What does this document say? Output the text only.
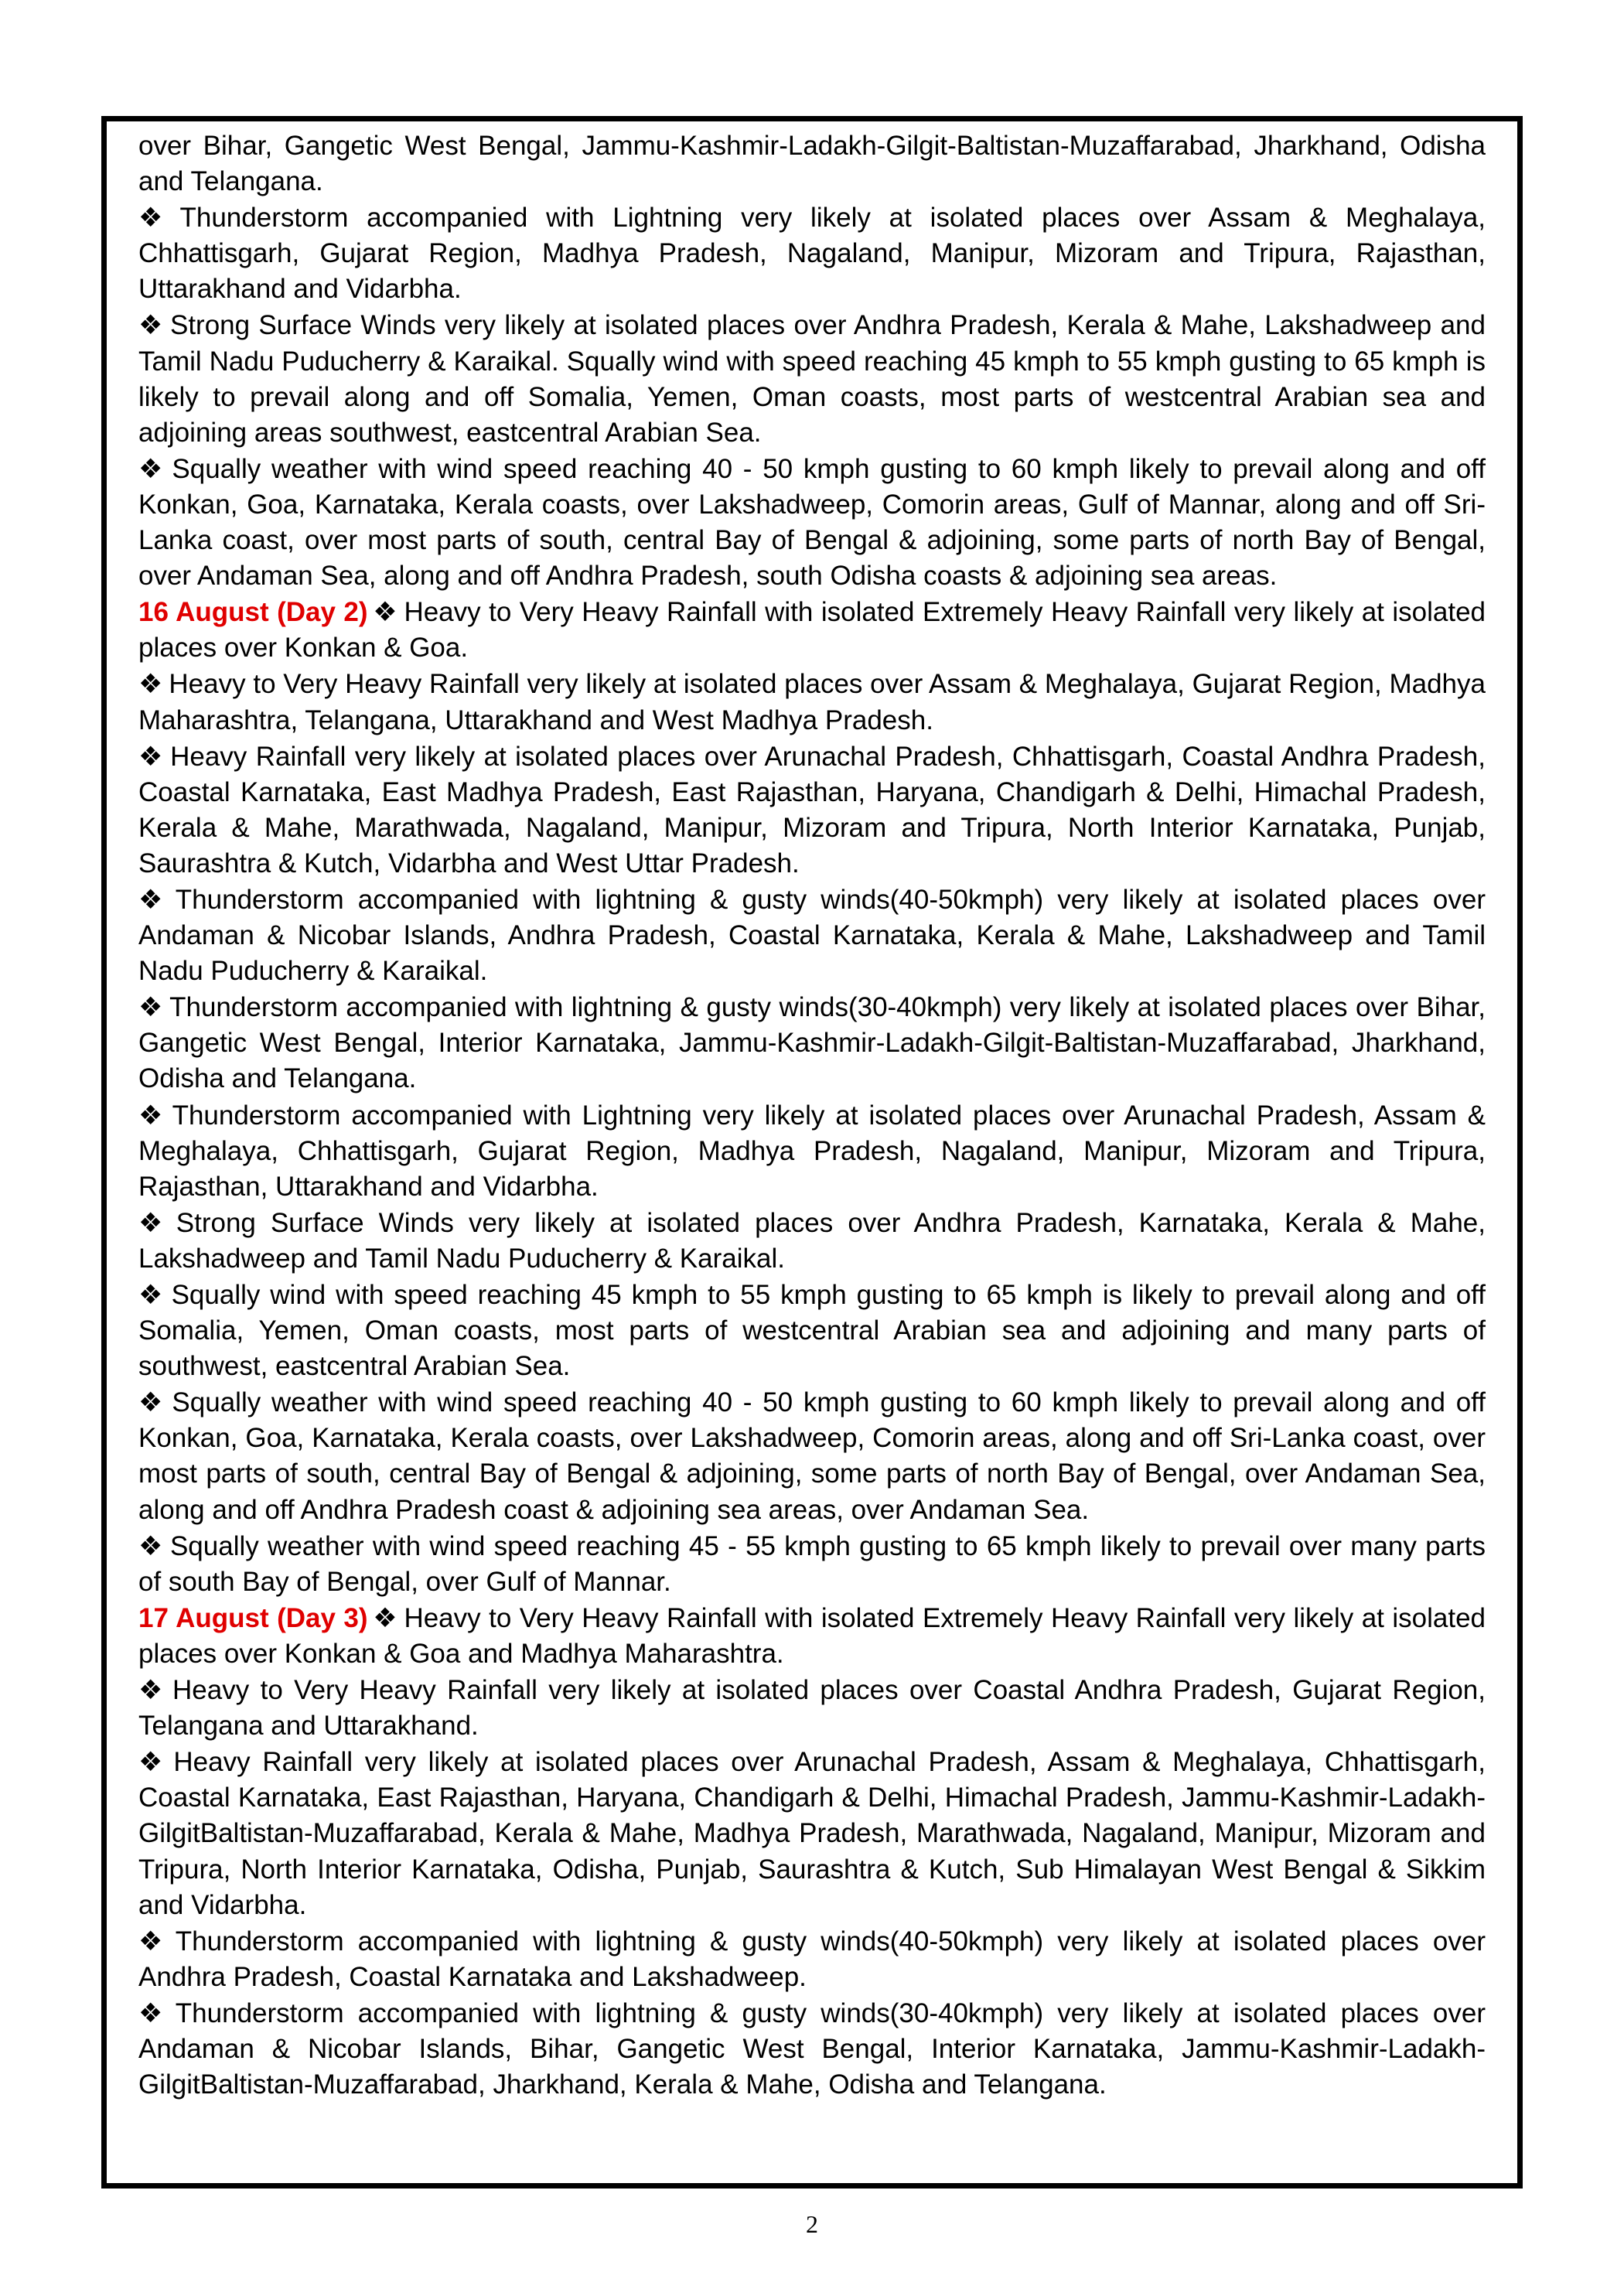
over Bihar, Gangetic West Bengal, Jammu-Kashmir-Ladakh-Gilgit-Baltistan-Muzaffarabad, Jharkhand, Odisha and Telangana.

❖ Thunderstorm accompanied with Lightning very likely at isolated places over Assam & Meghalaya, Chhattisgarh, Gujarat Region, Madhya Pradesh, Nagaland, Manipur, Mizoram and Tripura, Rajasthan, Uttarakhand and Vidarbha.

❖ Strong Surface Winds very likely at isolated places over Andhra Pradesh, Kerala & Mahe, Lakshadweep and Tamil Nadu Puducherry & Karaikal. Squally wind with speed reaching 45 kmph to 55 kmph gusting to 65 kmph is likely to prevail along and off Somalia, Yemen, Oman coasts, most parts of westcentral Arabian sea and adjoining areas southwest, eastcentral Arabian Sea.

❖ Squally weather with wind speed reaching 40 - 50 kmph gusting to 60 kmph likely to prevail along and off Konkan, Goa, Karnataka, Kerala coasts, over Lakshadweep, Comorin areas, Gulf of Mannar, along and off Sri-Lanka coast, over most parts of south, central Bay of Bengal & adjoining, some parts of north Bay of Bengal, over Andaman Sea, along and off Andhra Pradesh, south Odisha coasts & adjoining sea areas.

16 August (Day 2) ❖ Heavy to Very Heavy Rainfall with isolated Extremely Heavy Rainfall very likely at isolated places over Konkan & Goa.

❖ Heavy to Very Heavy Rainfall very likely at isolated places over Assam & Meghalaya, Gujarat Region, Madhya Maharashtra, Telangana, Uttarakhand and West Madhya Pradesh.

❖ Heavy Rainfall very likely at isolated places over Arunachal Pradesh, Chhattisgarh, Coastal Andhra Pradesh, Coastal Karnataka, East Madhya Pradesh, East Rajasthan, Haryana, Chandigarh & Delhi, Himachal Pradesh, Kerala & Mahe, Marathwada, Nagaland, Manipur, Mizoram and Tripura, North Interior Karnataka, Punjab, Saurashtra & Kutch, Vidarbha and West Uttar Pradesh.

❖ Thunderstorm accompanied with lightning & gusty winds(40-50kmph) very likely at isolated places over Andaman & Nicobar Islands, Andhra Pradesh, Coastal Karnataka, Kerala & Mahe, Lakshadweep and Tamil Nadu Puducherry & Karaikal.

❖ Thunderstorm accompanied with lightning & gusty winds(30-40kmph) very likely at isolated places over Bihar, Gangetic West Bengal, Interior Karnataka, Jammu-Kashmir-Ladakh-Gilgit-Baltistan-Muzaffarabad, Jharkhand, Odisha and Telangana.

❖ Thunderstorm accompanied with Lightning very likely at isolated places over Arunachal Pradesh, Assam & Meghalaya, Chhattisgarh, Gujarat Region, Madhya Pradesh, Nagaland, Manipur, Mizoram and Tripura, Rajasthan, Uttarakhand and Vidarbha.

❖ Strong Surface Winds very likely at isolated places over Andhra Pradesh, Karnataka, Kerala & Mahe, Lakshadweep and Tamil Nadu Puducherry & Karaikal.

❖ Squally wind with speed reaching 45 kmph to 55 kmph gusting to 65 kmph is likely to prevail along and off Somalia, Yemen, Oman coasts, most parts of westcentral Arabian sea and adjoining and many parts of southwest, eastcentral Arabian Sea.

❖ Squally weather with wind speed reaching 40 - 50 kmph gusting to 60 kmph likely to prevail along and off Konkan, Goa, Karnataka, Kerala coasts, over Lakshadweep, Comorin areas, along and off Sri-Lanka coast, over most parts of south, central Bay of Bengal & adjoining, some parts of north Bay of Bengal, over Andaman Sea, along and off Andhra Pradesh coast & adjoining sea areas, over Andaman Sea.

❖ Squally weather with wind speed reaching 45 - 55 kmph gusting to 65 kmph likely to prevail over many parts of south Bay of Bengal, over Gulf of Mannar.

17 August (Day 3) ❖ Heavy to Very Heavy Rainfall with isolated Extremely Heavy Rainfall very likely at isolated places over Konkan & Goa and Madhya Maharashtra.

❖ Heavy to Very Heavy Rainfall very likely at isolated places over Coastal Andhra Pradesh, Gujarat Region, Telangana and Uttarakhand.

❖ Heavy Rainfall very likely at isolated places over Arunachal Pradesh, Assam & Meghalaya, Chhattisgarh, Coastal Karnataka, East Rajasthan, Haryana, Chandigarh & Delhi, Himachal Pradesh, Jammu-Kashmir-Ladakh-GilgitBaltistan-Muzaffarabad, Kerala & Mahe, Madhya Pradesh, Marathwada, Nagaland, Manipur, Mizoram and Tripura, North Interior Karnataka, Odisha, Punjab, Saurashtra & Kutch, Sub Himalayan West Bengal & Sikkim and Vidarbha.

❖ Thunderstorm accompanied with lightning & gusty winds(40-50kmph) very likely at isolated places over Andhra Pradesh, Coastal Karnataka and Lakshadweep.

❖ Thunderstorm accompanied with lightning & gusty winds(30-40kmph) very likely at isolated places over Andaman & Nicobar Islands, Bihar, Gangetic West Bengal, Interior Karnataka, Jammu-Kashmir-Ladakh-GilgitBaltistan-Muzaffarabad, Jharkhand, Kerala & Mahe, Odisha and Telangana.

2
